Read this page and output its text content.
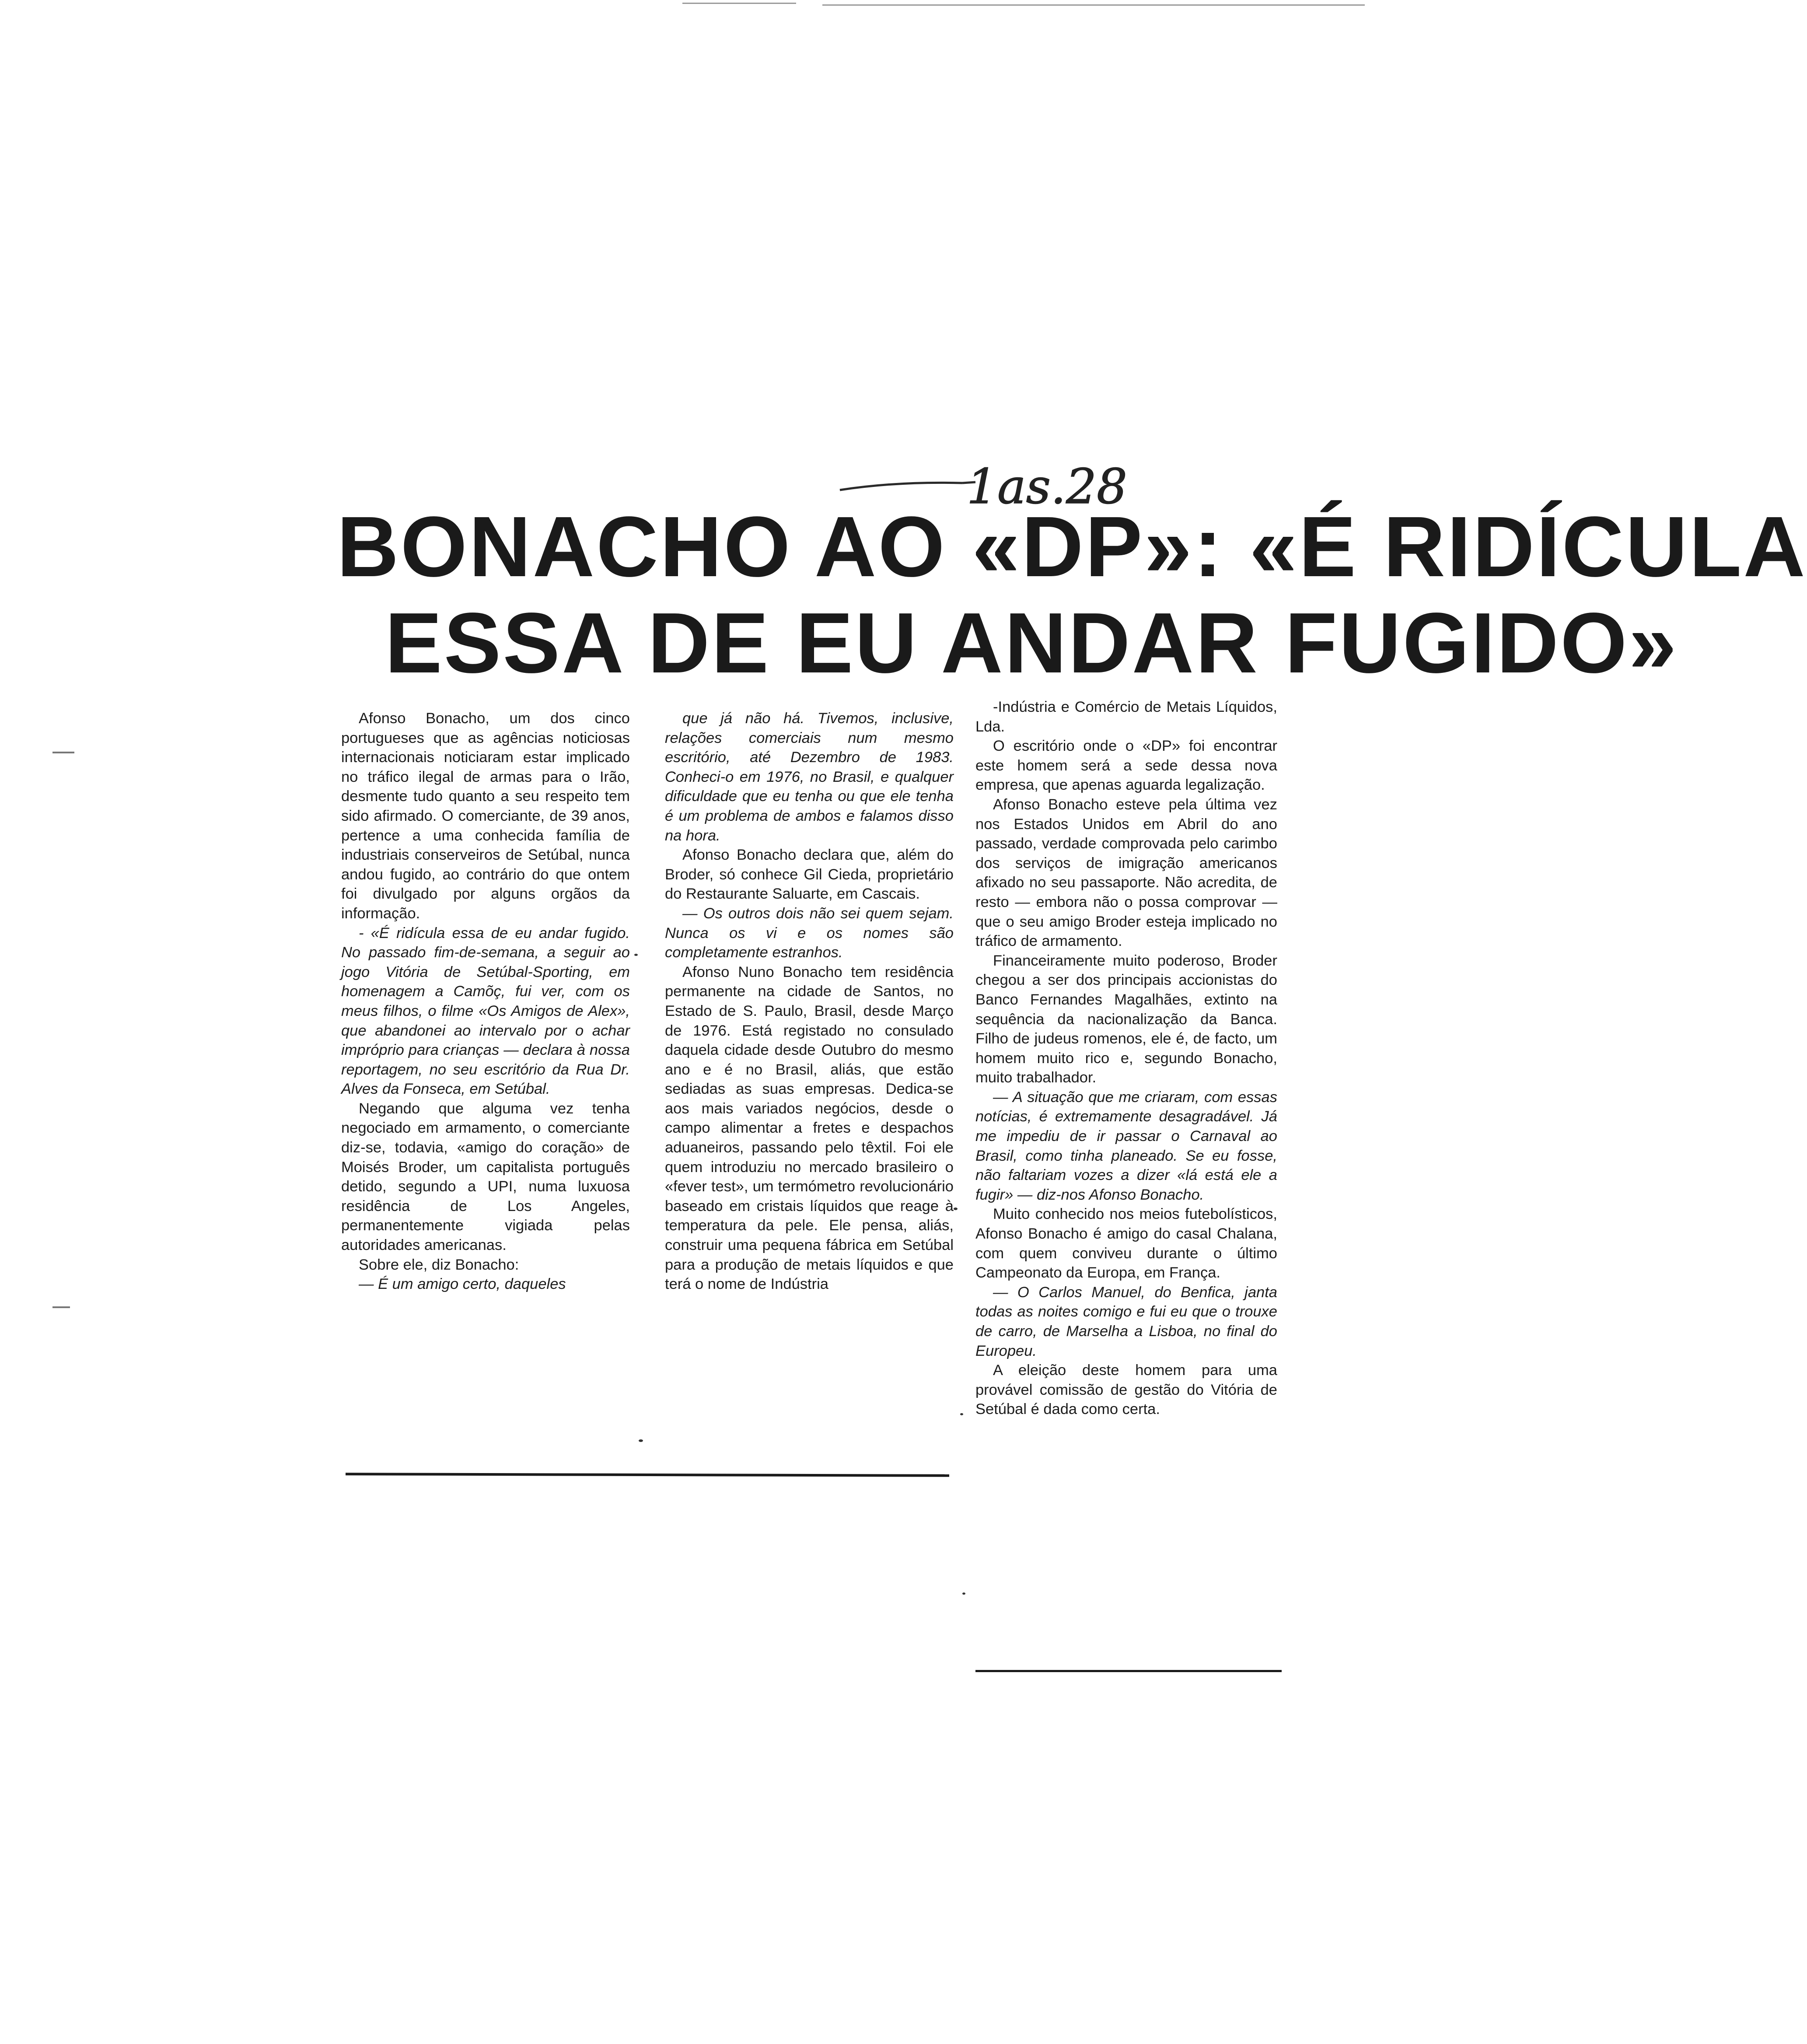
1as.28
BONACHO AO «DP»: «É RIDÍCULA
ESSA DE EU ANDAR FUGIDO»

Afonso Bonacho, um dos cinco portugueses que as agências noticiosas internacionais noticiaram estar implicado no tráfico ilegal de armas para o Irão, desmente tudo quanto a seu respeito tem sido afirmado. O comerciante, de 39 anos, pertence a uma conhecida família de industriais conserveiros de Setúbal, nunca andou fugido, ao contrário do que ontem foi divulgado por alguns orgãos da informação.

- «É ridícula essa de eu andar fugido. No passado fim-de-semana, a seguir ao jogo Vitória de Setúbal-Sporting, em homenagem a Camõç, fui ver, com os meus filhos, o filme «Os Amigos de Alex», que abandonei ao intervalo por o achar impróprio para crianças — declara à nossa reportagem, no seu escritório da Rua Dr. Alves da Fonseca, em Setúbal.

Negando que alguma vez tenha negociado em armamento, o comerciante diz-se, todavia, «amigo do coração» de Moisés Broder, um capitalista português detido, segundo a UPI, numa luxuosa residência de Los Angeles, permanentemente vigiada pelas autoridades americanas.

Sobre ele, diz Bonacho:

— É um amigo certo, daqueles

que já não há. Tivemos, inclusive, relações comerciais num mesmo escritório, até Dezembro de 1983. Conheci-o em 1976, no Brasil, e qualquer dificuldade que eu tenha ou que ele tenha é um problema de ambos e falamos disso na hora.

Afonso Bonacho declara que, além do Broder, só conhece Gil Cieda, proprietário do Restaurante Saluarte, em Cascais.

— Os outros dois não sei quem sejam. Nunca os vi e os nomes são completamente estranhos.

Afonso Nuno Bonacho tem residência permanente na cidade de Santos, no Estado de S. Paulo, Brasil, desde Março de 1976. Está registado no consulado daquela cidade desde Outubro do mesmo ano e é no Brasil, aliás, que estão sediadas as suas empresas. Dedica-se aos mais variados negócios, desde o campo alimentar a fretes e despachos aduaneiros, passando pelo têxtil. Foi ele quem introduziu no mercado brasileiro o «fever test», um termómetro revolucionário baseado em cristais líquidos que reage à temperatura da pele. Ele pensa, aliás, construir uma pequena fábrica em Setúbal para a produção de metais líquidos e que terá o nome de Indústria

-Indústria e Comércio de Metais Líquidos, Lda.

O escritório onde o «DP» foi encontrar este homem será a sede dessa nova empresa, que apenas aguarda legalização.

Afonso Bonacho esteve pela última vez nos Estados Unidos em Abril do ano passado, verdade comprovada pelo carimbo dos serviços de imigração americanos afixado no seu passaporte. Não acredita, de resto — embora não o possa comprovar — que o seu amigo Broder esteja implicado no tráfico de armamento.

Financeiramente muito poderoso, Broder chegou a ser dos principais accionistas do Banco Fernandes Magalhães, extinto na sequência da nacionalização da Banca. Filho de judeus romenos, ele é, de facto, um homem muito rico e, segundo Bonacho, muito trabalhador.

— A situação que me criaram, com essas notícias, é extremamente desagradável. Já me impediu de ir passar o Carnaval ao Brasil, como tinha planeado. Se eu fosse, não faltariam vozes a dizer «lá está ele a fugir» — diz-nos Afonso Bonacho.

Muito conhecido nos meios futebolísticos, Afonso Bonacho é amigo do casal Chalana, com quem conviveu durante o último Campeonato da Europa, em França.

— O Carlos Manuel, do Benfica, janta todas as noites comigo e fui eu que o trouxe de carro, de Marselha a Lisboa, no final do Europeu.

A eleição deste homem para uma provável comissão de gestão do Vitória de Setúbal é dada como certa.
